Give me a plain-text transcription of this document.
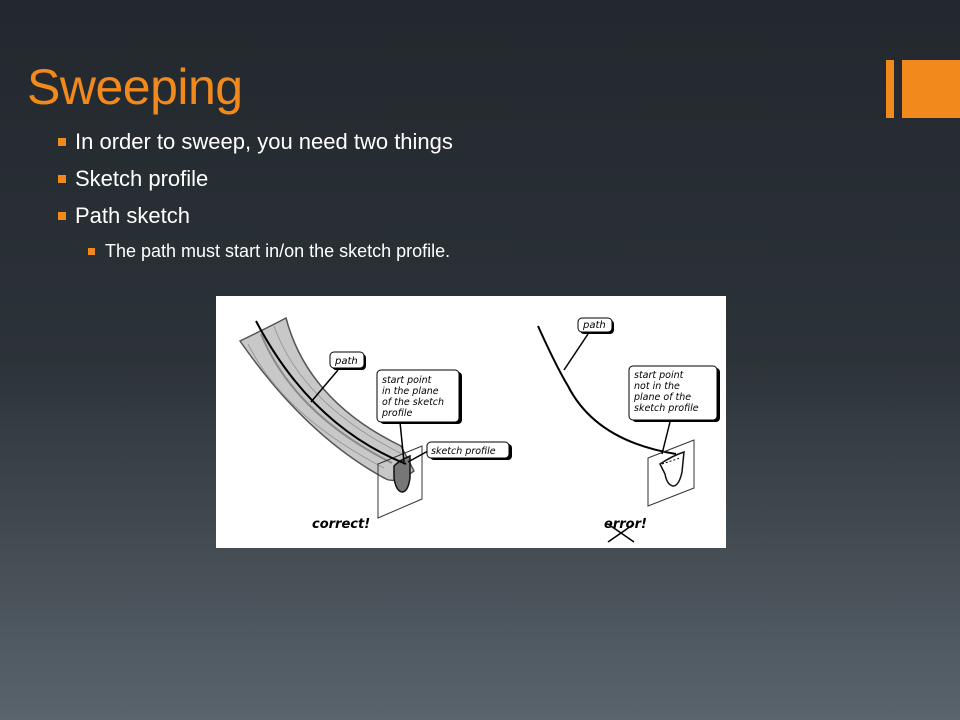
Sweeping
In order to sweep, you need two things
Sketch profile
Path sketch
The path must start in/on the sketch profile.
path
start point in the plane of the sketch profile
sketch profile
correct!
path
start point not in the plane of the sketch profile
error!
